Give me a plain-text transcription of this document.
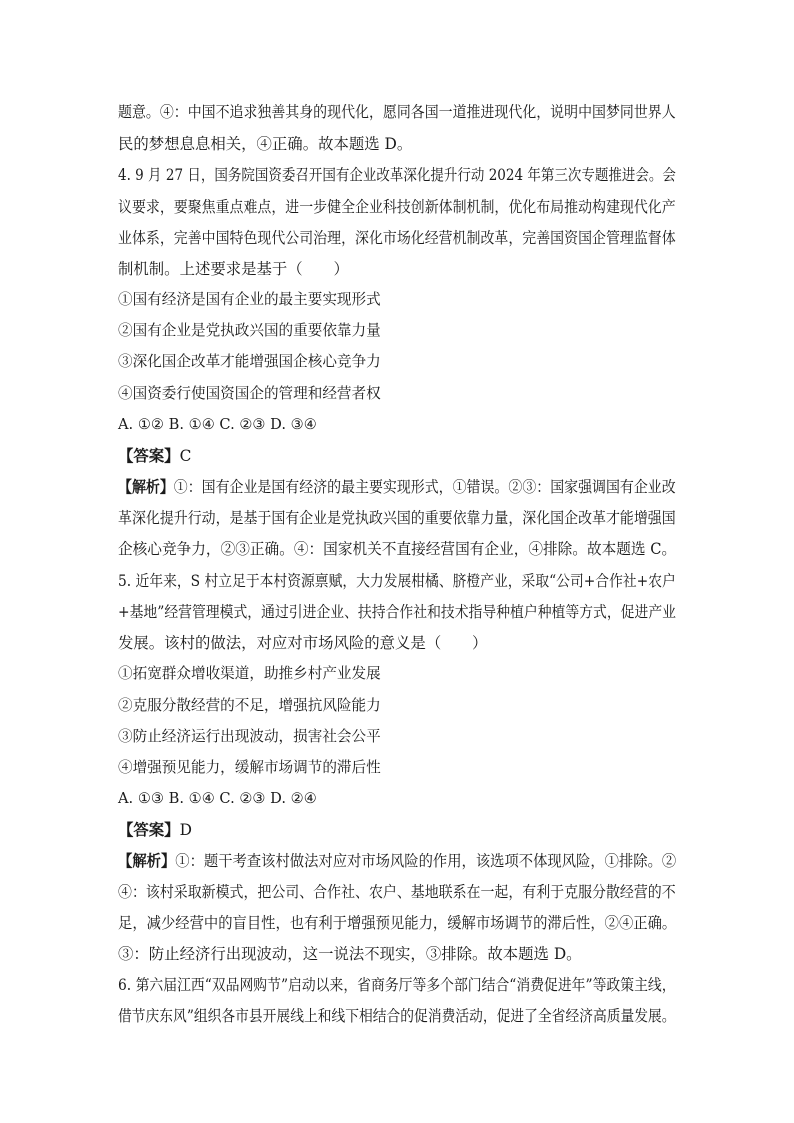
题意。④：中国不追求独善其身的现代化，愿同各国一道推进现代化，说明中国梦同世界人
民的梦想息息相关，④正确。故本题选 D。
4. 9 月 27 日，国务院国资委召开国有企业改革深化提升行动 2024 年第三次专题推进会。会
议要求，要聚焦重点难点，进一步健全企业科技创新体制机制，优化布局推动构建现代化产
业体系，完善中国特色现代公司治理，深化市场化经营机制改革，完善国资国企管理监督体
制机制。上述要求是基于（　　）
①国有经济是国有企业的最主要实现形式
②国有企业是党执政兴国的重要依靠力量
③深化国企改革才能增强国企核心竞争力
④国资委行使国资国企的管理和经营者权
A. ①② B. ①④ C. ②③ D. ③④
【答案】C
【解析】①：国有企业是国有经济的最主要实现形式，①错误。②③：国家强调国有企业改
革深化提升行动，是基于国有企业是党执政兴国的重要依靠力量，深化国企改革才能增强国
企核心竞争力，②③正确。④：国家机关不直接经营国有企业，④排除。故本题选 C。
5. 近年来，S 村立足于本村资源禀赋，大力发展柑橘、脐橙产业，采取“公司+合作社+农户
+基地”经营管理模式，通过引进企业、扶持合作社和技术指导种植户种植等方式，促进产业
发展。该村的做法，对应对市场风险的意义是（　　）
①拓宽群众增收渠道，助推乡村产业发展
②克服分散经营的不足，增强抗风险能力
③防止经济运行出现波动，损害社会公平
④增强预见能力，缓解市场调节的滞后性
A. ①③ B. ①④ C. ②③ D. ②④
【答案】D
【解析】①：题干考查该村做法对应对市场风险的作用，该选项不体现风险，①排除。②
④：该村采取新模式，把公司、合作社、农户、基地联系在一起，有利于克服分散经营的不
足，减少经营中的盲目性，也有利于增强预见能力，缓解市场调节的滞后性，②④正确。
③：防止经济行出现波动，这一说法不现实，③排除。故本题选 D。
6. 第六届江西“双品网购节”启动以来，省商务厅等多个部门结合“消费促进年”等政策主线，
借节庆东风”组织各市县开展线上和线下相结合的促消费活动，促进了全省经济高质量发展。
